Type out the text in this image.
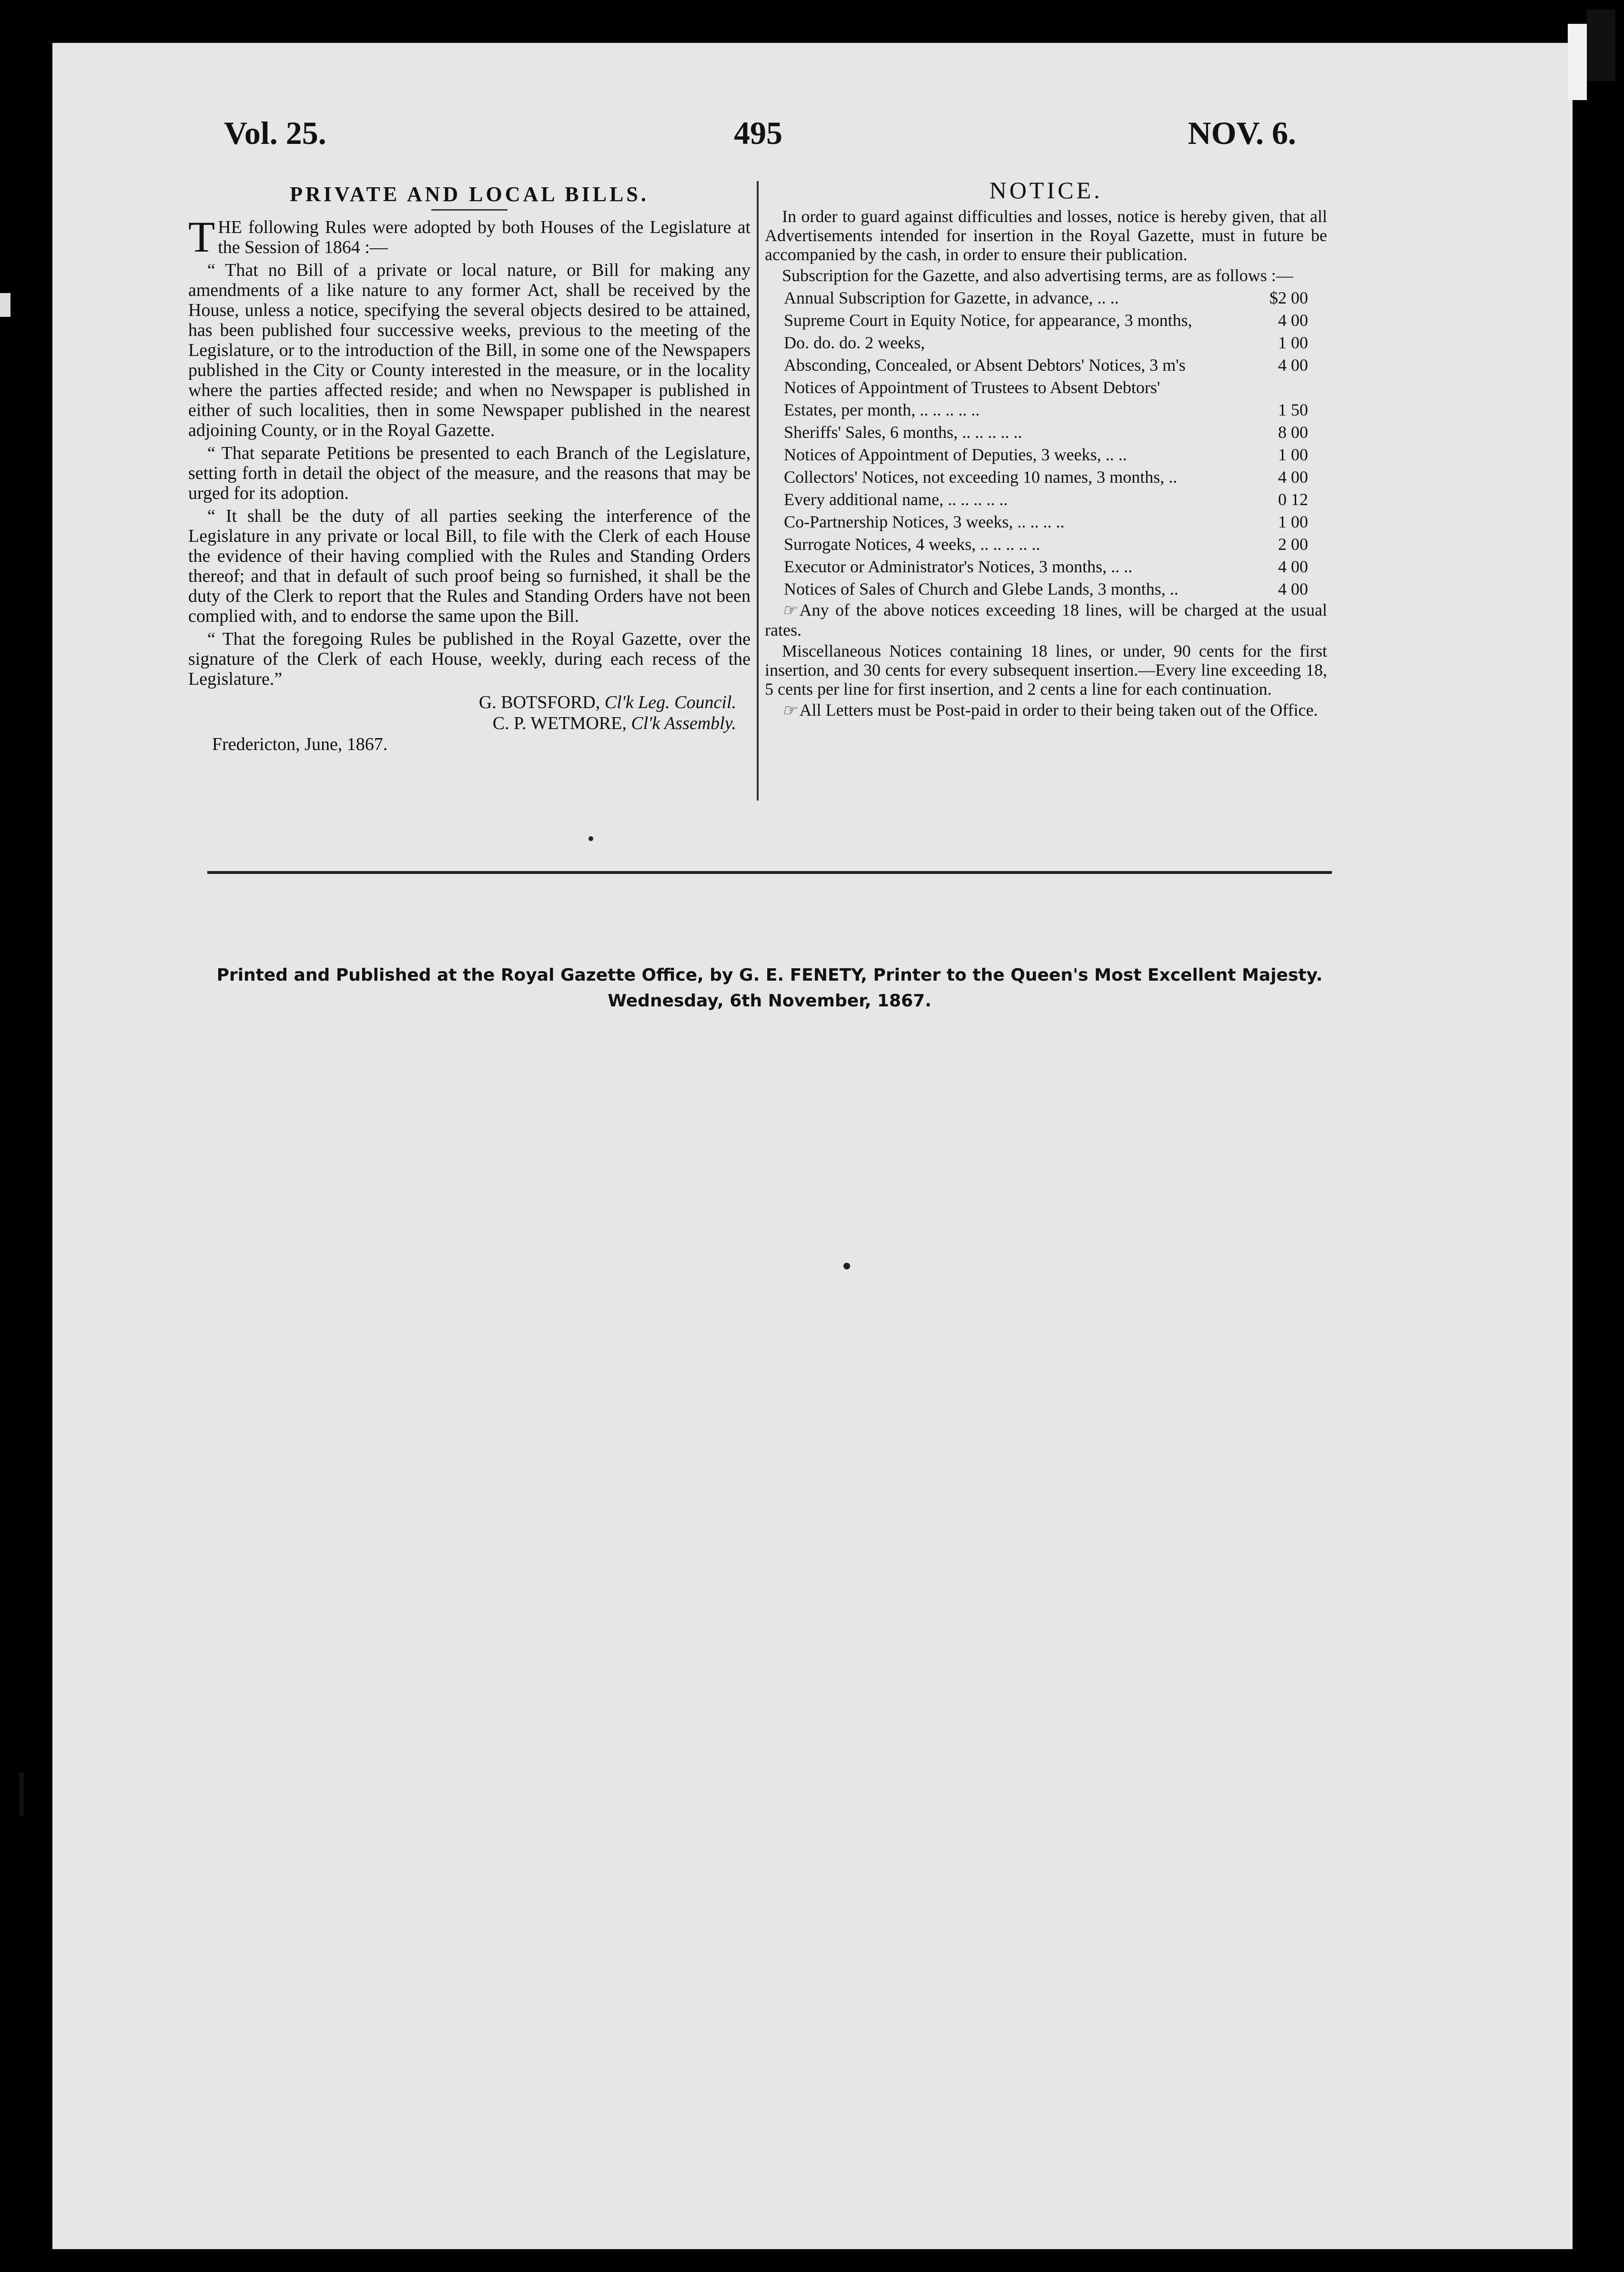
Vol. 25.	495	NOV. 6.
PRIVATE AND LOCAL BILLS.

THE following Rules were adopted by both Houses of the Legislature at the Session of 1864 :—

“ That no Bill of a private or local nature, or Bill for making any amendments of a like nature to any former Act, shall be received by the House, unless a notice, specifying the several objects desired to be attained, has been published four successive weeks, previous to the meeting of the Legislature, or to the introduction of the Bill, in some one of the Newspapers published in the City or County interested in the measure, or in the locality where the parties affected reside; and when no Newspaper is published in either of such localities, then in some Newspaper published in the nearest adjoining County, or in the Royal Gazette.

“ That separate Petitions be presented to each Branch of the Legislature, setting forth in detail the object of the measure, and the reasons that may be urged for its adoption.

“ It shall be the duty of all parties seeking the interference of the Legislature in any private or local Bill, to file with the Clerk of each House the evidence of their having complied with the Rules and Standing Orders thereof; and that in default of such proof being so furnished, it shall be the duty of the Clerk to report that the Rules and Standing Orders have not been complied with, and to endorse the same upon the Bill.

“ That the foregoing Rules be published in the Royal Gazette, over the signature of the Clerk of each House, weekly, during each recess of the Legislature.”

G. BOTSFORD, Cl'k Leg. Council.
C. P. WETMORE, Cl'k Assembly.
Fredericton, June, 1867.
NOTICE.

In order to guard against difficulties and losses, notice is hereby given, that all Advertisements intended for insertion in the Royal Gazette, must in future be accompanied by the cash, in order to ensure their publication.

Subscription for the Gazette, and also advertising terms, are as follows :—

Annual Subscription for Gazette, in advance, .. ..	$2 00
Supreme Court in Equity Notice, for appearance, 3 months,	4 00
Do. do. do. 2 weeks,	1 00
Absconding, Concealed, or Absent Debtors' Notices, 3 m's	4 00
Notices of Appointment of Trustees to Absent Debtors'
Estates, per month, .. .. .. .. ..	1 50
Sheriffs' Sales, 6 months, .. .. .. .. ..	8 00
Notices of Appointment of Deputies, 3 weeks, .. ..	1 00
Collectors' Notices, not exceeding 10 names, 3 months, ..	4 00
Every additional name, .. .. .. .. ..	0 12
Co-Partnership Notices, 3 weeks, .. .. .. ..	1 00
Surrogate Notices, 4 weeks, .. .. .. .. ..	2 00
Executor or Administrator's Notices, 3 months, .. ..	4 00
Notices of Sales of Church and Glebe Lands, 3 months, ..	4 00

☞ Any of the above notices exceeding 18 lines, will be charged at the usual rates.

Miscellaneous Notices containing 18 lines, or under, 90 cents for the first insertion, and 30 cents for every subsequent insertion.—Every line exceeding 18, 5 cents per line for first insertion, and 2 cents a line for each continuation.

☞ All Letters must be Post-paid in order to their being taken out of the Office.

Printed and Published at the Royal Gazette Office, by G. E. FENETY, Printer to the Queen's Most Excellent Majesty.
Wednesday, 6th November, 1867.
